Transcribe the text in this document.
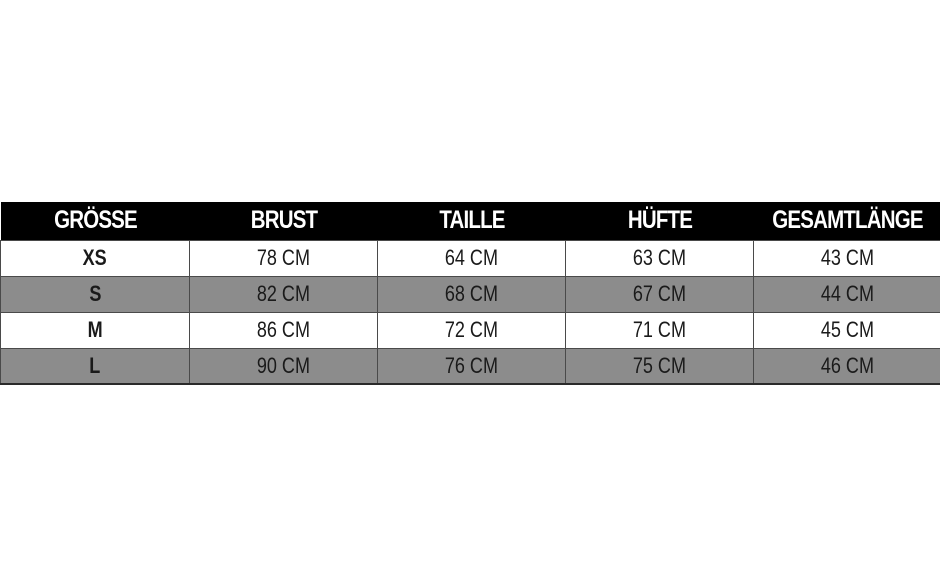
GRÖSSE	BRUST	TAILLE	HÜFTE	GESAMTLÄNGE
XS	78 CM	64 CM	63 CM	43 CM
S	82 CM	68 CM	67 CM	44 CM
M	86 CM	72 CM	71 CM	45 CM
L	90 CM	76 CM	75 CM	46 CM
